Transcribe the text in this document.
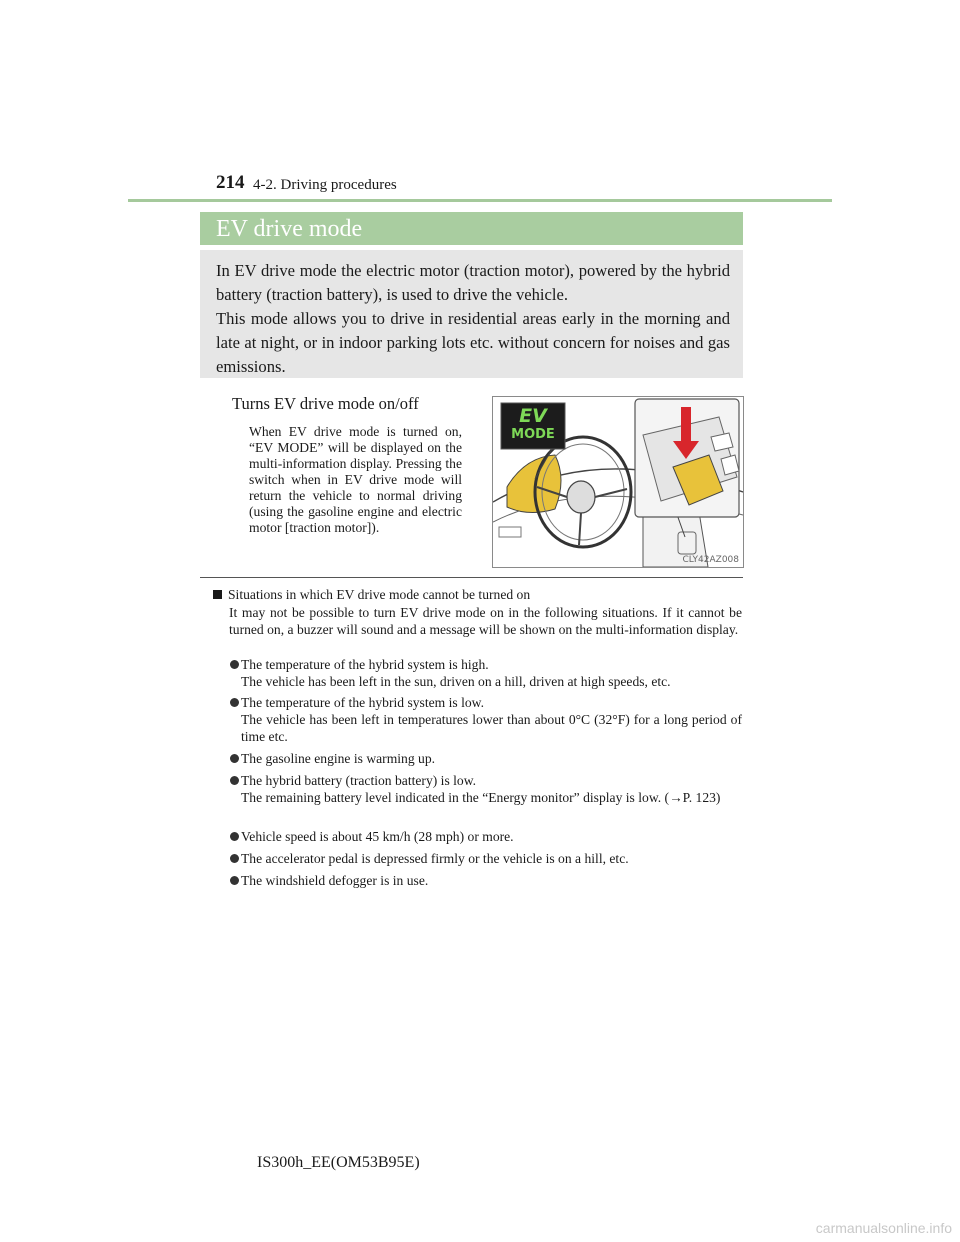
214 4-2. Driving procedures
EV drive mode

In EV drive mode the electric motor (traction motor), powered by the hybrid battery (traction battery), is used to drive the vehicle.

This mode allows you to drive in residential areas early in the morning and late at night, or in indoor parking lots etc. without concern for noises and gas emissions.

Turns EV drive mode on/off

When EV drive mode is turned on, “EV MODE” will be displayed on the multi-information display. Pressing the switch when in EV drive mode will return the vehicle to normal driving (using the gasoline engine and electric motor [traction motor]).

EV
MODE
CLY42AZ008
Situations in which EV drive mode cannot be turned on

It may not be possible to turn EV drive mode on in the following situations. If it cannot be turned on, a buzzer will sound and a message will be shown on the multi-information display.

The temperature of the hybrid system is high.
The vehicle has been left in the sun, driven on a hill, driven at high speeds, etc.
The temperature of the hybrid system is low.
The vehicle has been left in temperatures lower than about 0°C (32°F) for a long period of time etc.
The gasoline engine is warming up.
The hybrid battery (traction battery) is low.
The remaining battery level indicated in the “Energy monitor” display is low. (→P. 123)
Vehicle speed is about 45 km/h (28 mph) or more.
The accelerator pedal is depressed firmly or the vehicle is on a hill, etc.
The windshield defogger is in use.
IS300h_EE(OM53B95E)
carmanualsonline.info
